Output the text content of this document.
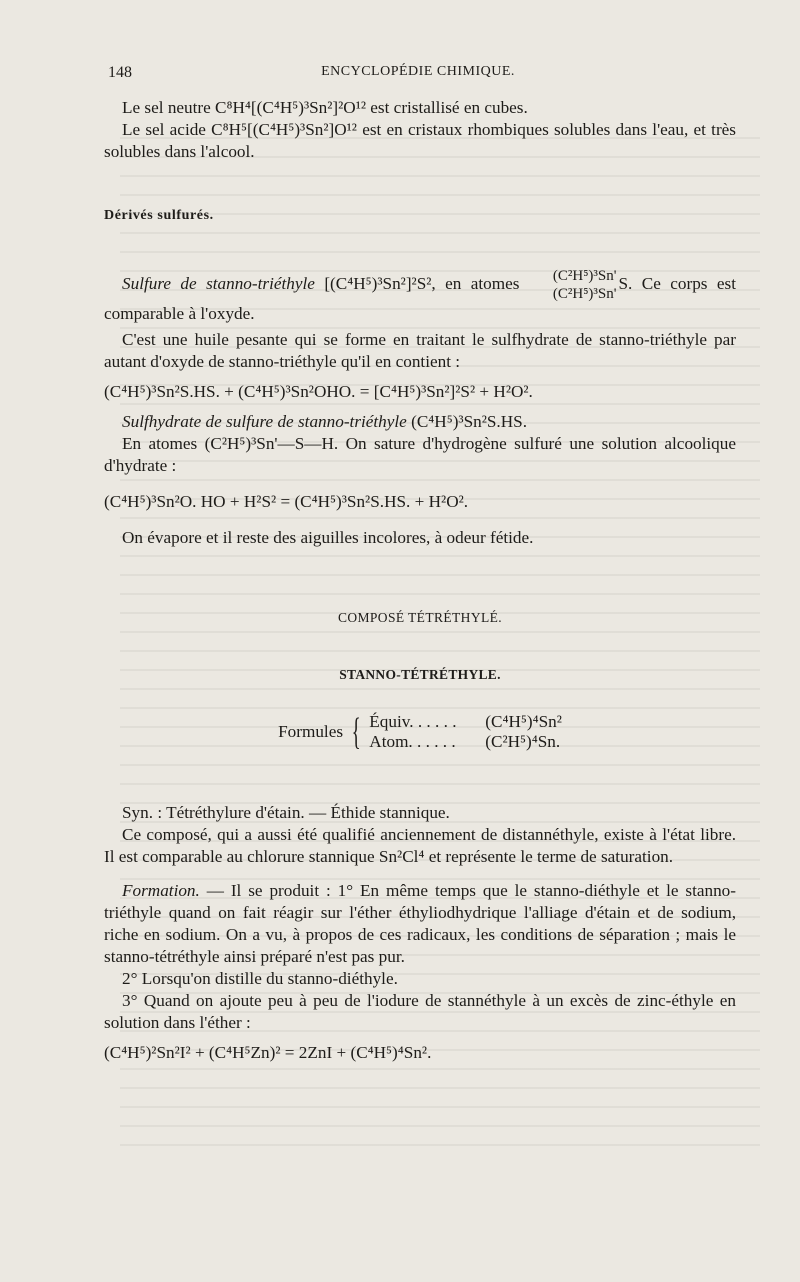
148	ENCYCLOPÉDIE CHIMIQUE.

Le sel neutre C⁸H⁴[(C⁴H⁵)³Sn²]²O¹² est cristallisé en cubes.

Le sel acide C⁸H⁵[(C⁴H⁵)³Sn²]O¹² est en cristaux rhombiques solubles dans l'eau, et très solubles dans l'alcool.

Dérivés sulfurés.

Sulfure de stanno-triéthyle [(C⁴H⁵)³Sn²]²S², en atomes	(C²H⁵)³Sn'
(C²H⁵)³Sn'
S. Ce corps est comparable à l'oxyde.

C'est une huile pesante qui se forme en traitant le sulfhydrate de stanno-triéthyle par autant d'oxyde de stanno-triéthyle qu'il en contient :

(C⁴H⁵)³Sn²S.HS. + (C⁴H⁵)³Sn²OHO. = [C⁴H⁵)³Sn²]²S² + H²O².

Sulfhydrate de sulfure de stanno-triéthyle (C⁴H⁵)³Sn²S.HS.

En atomes (C²H⁵)³Sn'—S—H. On sature d'hydrogène sulfuré une solution alcoolique d'hydrate :

(C⁴H⁵)³Sn²O. HO + H²S² = (C⁴H⁵)³Sn²S.HS. + H²O².

On évapore et il reste des aiguilles incolores, à odeur fétide.

COMPOSÉ TÉTRÉTHYLÉ.

STANNO-TÉTRÉTHYLE.

Formules { Équiv. . . . . .	(C⁴H⁵)⁴Sn²
Atom. . . . . .	(C²H⁵)⁴Sn.

Syn. : Tétréthylure d'étain. — Éthide stannique.

Ce composé, qui a aussi été qualifié anciennement de distannéthyle, existe à l'état libre. Il est comparable au chlorure stannique Sn²Cl⁴ et représente le terme de saturation.

Formation. — Il se produit : 1° En même temps que le stanno-diéthyle et le stanno-triéthyle quand on fait réagir sur l'éther éthyliodhydrique l'alliage d'étain et de sodium, riche en sodium. On a vu, à propos de ces radicaux, les conditions de séparation ; mais le stanno-tétréthyle ainsi préparé n'est pas pur.

2° Lorsqu'on distille du stanno-diéthyle.

3° Quand on ajoute peu à peu de l'iodure de stannéthyle à un excès de zinc-éthyle en solution dans l'éther :

(C⁴H⁵)²Sn²I² + (C⁴H⁵Zn)² = 2ZnI + (C⁴H⁵)⁴Sn².
